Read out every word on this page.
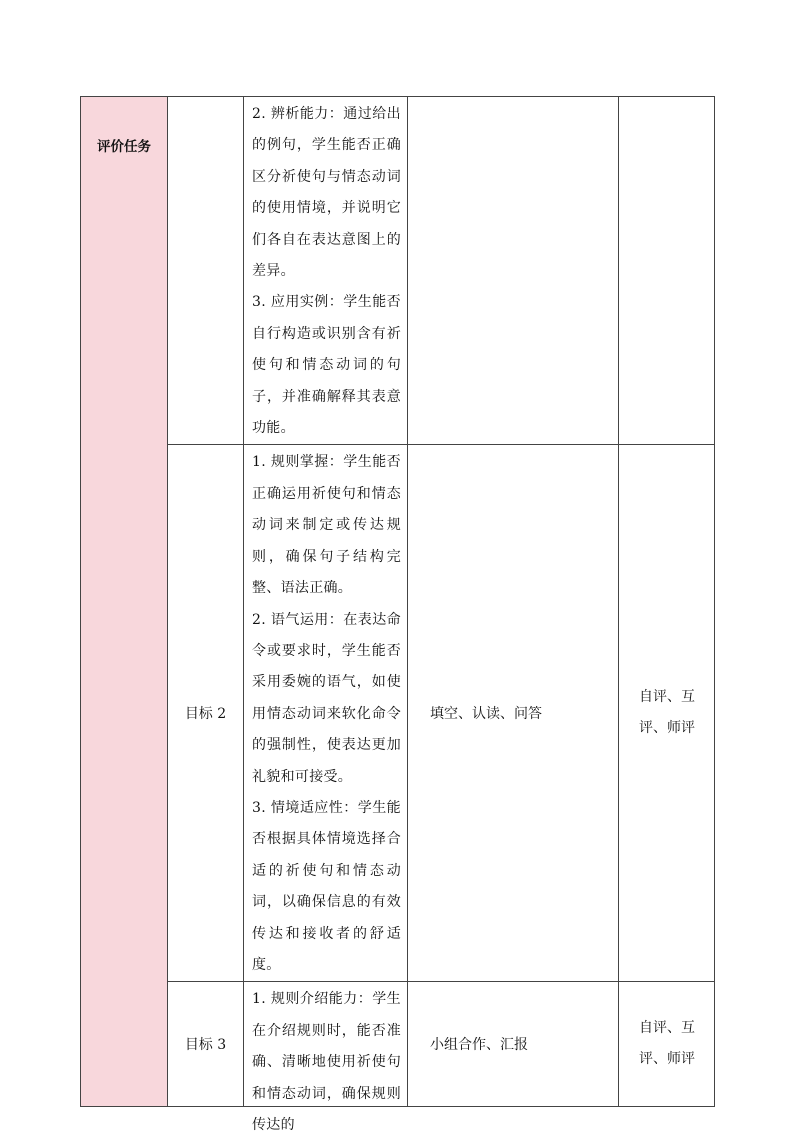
评价任务		2. 辨析能力：通过给出的例句，学生能否正确区分祈使句与情态动词的使用情境，并说明它们各自在表达意图上的差异。

3. 应用实例：学生能否自行构造或识别含有祈使句和情态动词的句子，并准确解释其表意功能。		

	目标 2	1. 规则掌握：学生能否正确运用祈使句和情态动词来制定或传达规则，确保句子结构完整、语法正确。

2. 语气运用：在表达命令或要求时，学生能否采用委婉的语气，如使用情态动词来软化命令的强制性，使表达更加礼貌和可接受。

3. 情境适应性：学生能否根据具体情境选择合适的祈使句和情态动词，以确保信息的有效传达和接收者的舒适度。	填空、认读、问答	自评、互评、师评
	目标 3	1. 规则介绍能力：学生在介绍规则时，能否准确、清晰地使用祈使句和情态动词，确保规则传达的	小组合作、汇报	自评、互评、师评
